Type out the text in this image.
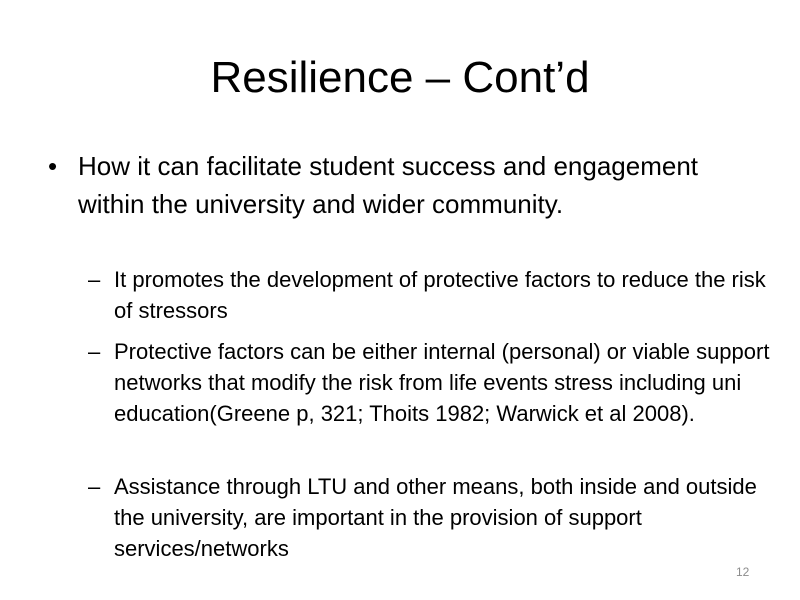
Resilience – Cont’d
• How it can facilitate student success and engagement within the university and wider community.
– It promotes the development of protective factors to reduce the risk of stressors
– Protective factors can be either internal (personal) or viable support networks that modify the risk from life events stress including uni education(Greene p, 321; Thoits 1982; Warwick et al 2008).
– Assistance through LTU and other means, both inside and outside the university, are important in the provision of support services/networks
12
